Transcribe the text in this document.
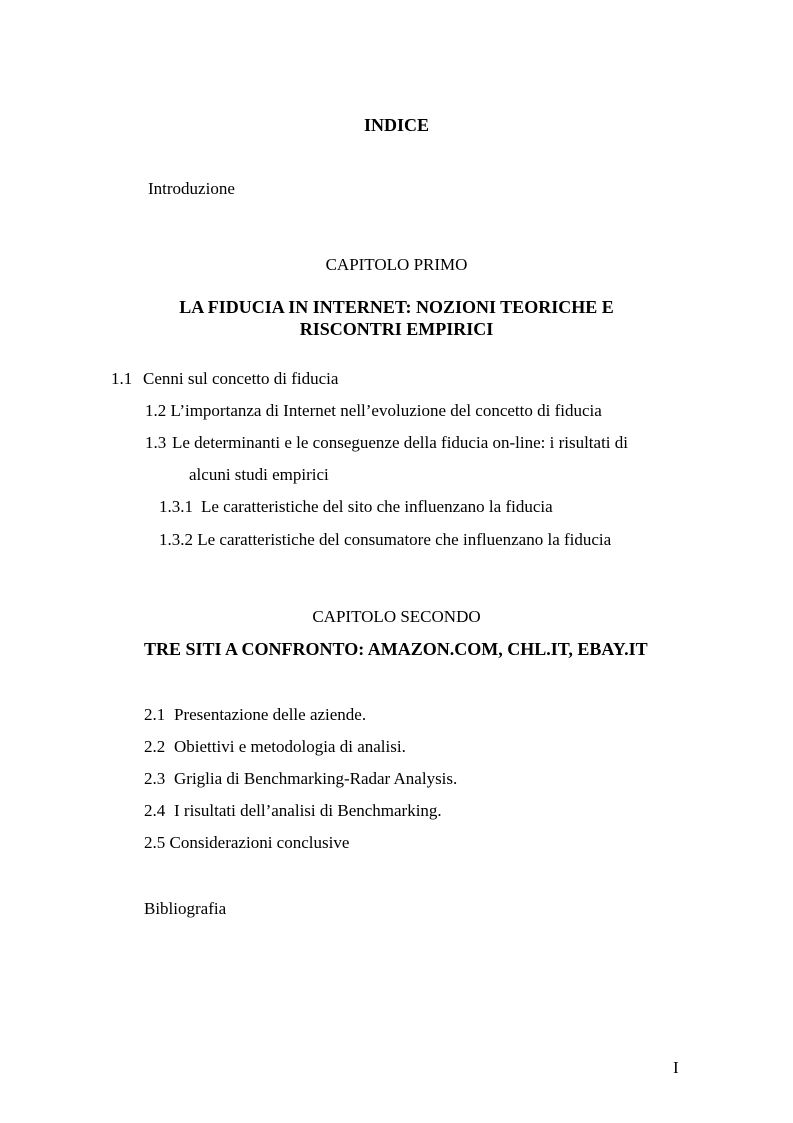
INDICE
Introduzione
CAPITOLO PRIMO
LA FIDUCIA IN INTERNET: NOZIONI TEORICHE E
RISCONTRI EMPIRICI
1.1 Cenni sul concetto di fiducia
1.2 L’importanza di Internet nell’evoluzione del concetto di fiducia
1.3 Le determinanti e le conseguenze della fiducia on-line: i risultati di
alcuni studi empirici
1.3.1 Le caratteristiche del sito che influenzano la fiducia
1.3.2 Le caratteristiche del consumatore che influenzano la fiducia
CAPITOLO SECONDO
TRE SITI A CONFRONTO: AMAZON.COM, CHL.IT, EBAY.IT
2.1 Presentazione delle aziende.
2.2 Obiettivi e metodologia di analisi.
2.3 Griglia di Benchmarking-Radar Analysis.
2.4 I risultati dell’analisi di Benchmarking.
2.5 Considerazioni conclusive
Bibliografia
I
